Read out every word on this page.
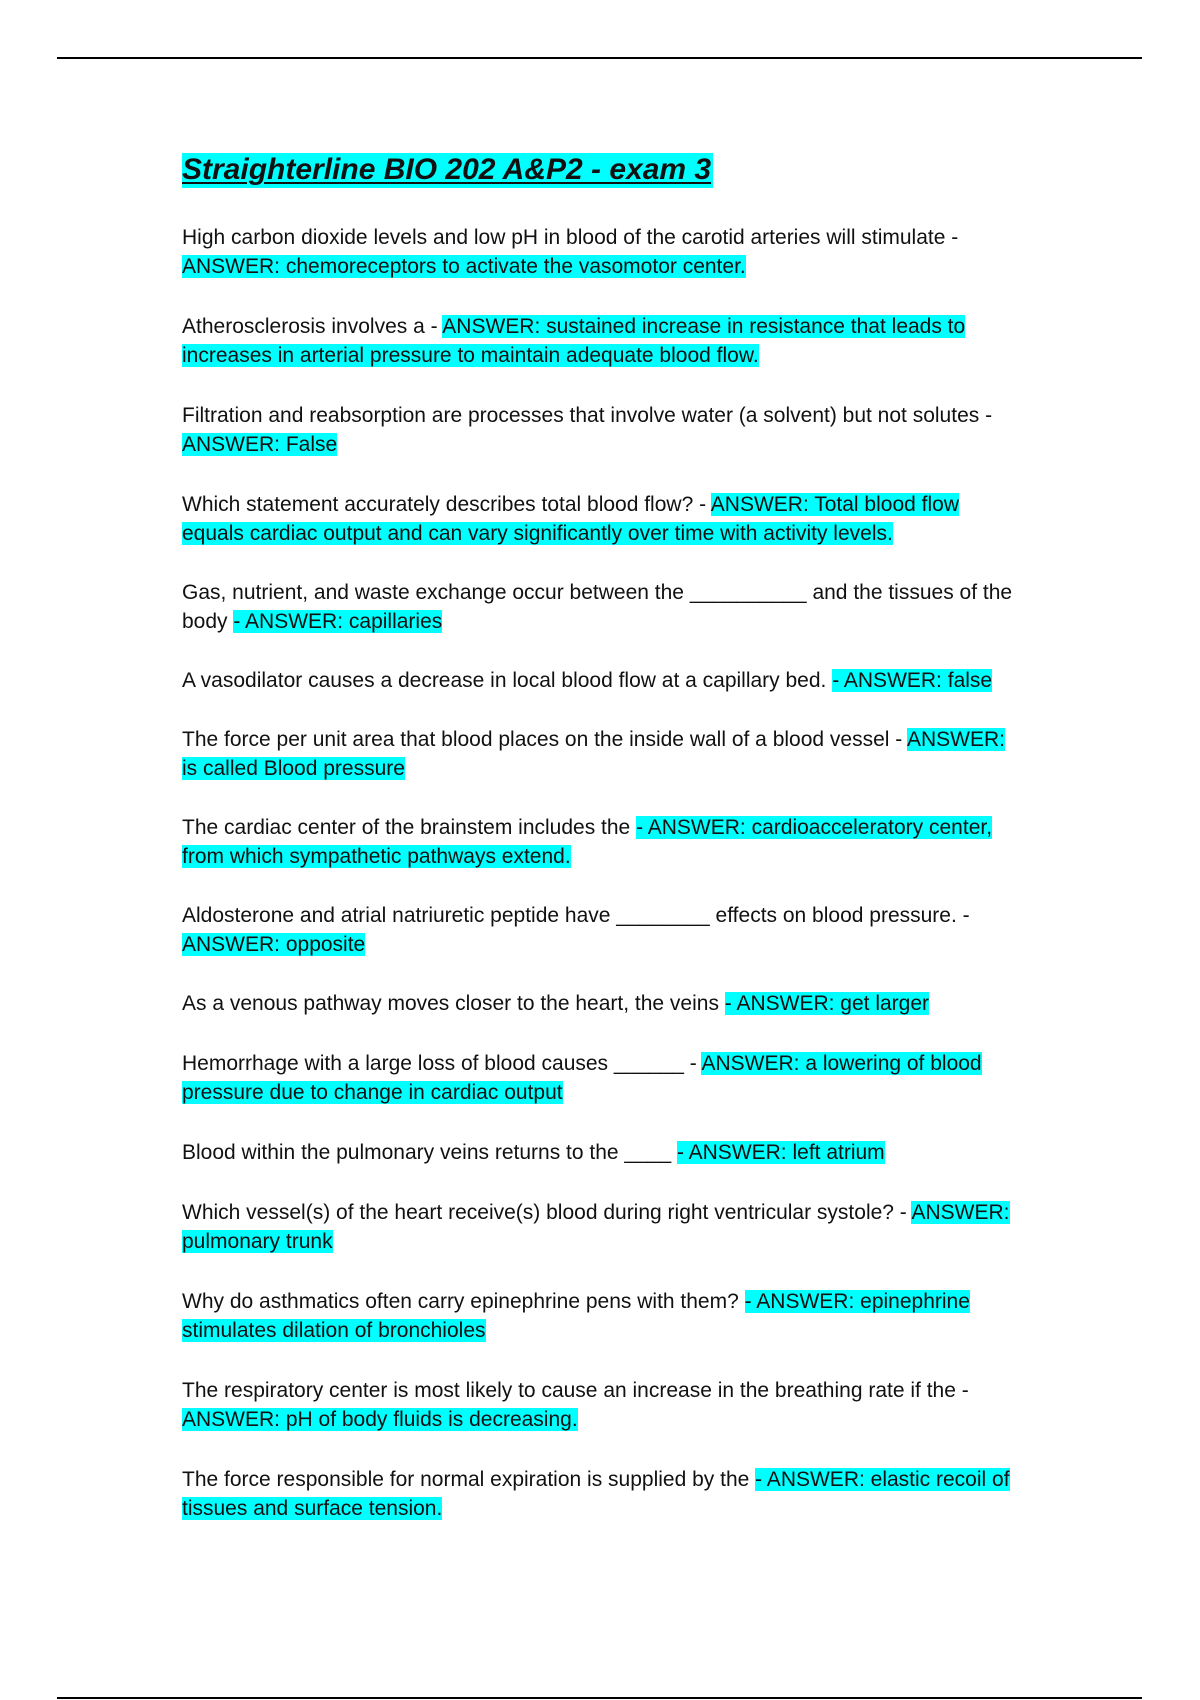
Straighterline BIO 202 A&P2 - exam 3
High carbon dioxide levels and low pH in blood of the carotid arteries will stimulate - ANSWER: chemoreceptors to activate the vasomotor center.
Atherosclerosis involves a - ANSWER: sustained increase in resistance that leads to increases in arterial pressure to maintain adequate blood flow.
Filtration and reabsorption are processes that involve water (a solvent) but not solutes - ANSWER: False
Which statement accurately describes total blood flow? - ANSWER: Total blood flow equals cardiac output and can vary significantly over time with activity levels.
Gas, nutrient, and waste exchange occur between the __________ and the tissues of the body - ANSWER: capillaries
A vasodilator causes a decrease in local blood flow at a capillary bed. - ANSWER: false
The force per unit area that blood places on the inside wall of a blood vessel - ANSWER: is called Blood pressure
The cardiac center of the brainstem includes the - ANSWER: cardioacceleratory center, from which sympathetic pathways extend.
Aldosterone and atrial natriuretic peptide have ________ effects on blood pressure. - ANSWER: opposite
As a venous pathway moves closer to the heart, the veins - ANSWER: get larger
Hemorrhage with a large loss of blood causes ______ - ANSWER: a lowering of blood pressure due to change in cardiac output
Blood within the pulmonary veins returns to the ____ - ANSWER: left atrium
Which vessel(s) of the heart receive(s) blood during right ventricular systole? - ANSWER: pulmonary trunk
Why do asthmatics often carry epinephrine pens with them? - ANSWER: epinephrine stimulates dilation of bronchioles
The respiratory center is most likely to cause an increase in the breathing rate if the - ANSWER: pH of body fluids is decreasing.
The force responsible for normal expiration is supplied by the - ANSWER: elastic recoil of tissues and surface tension.
